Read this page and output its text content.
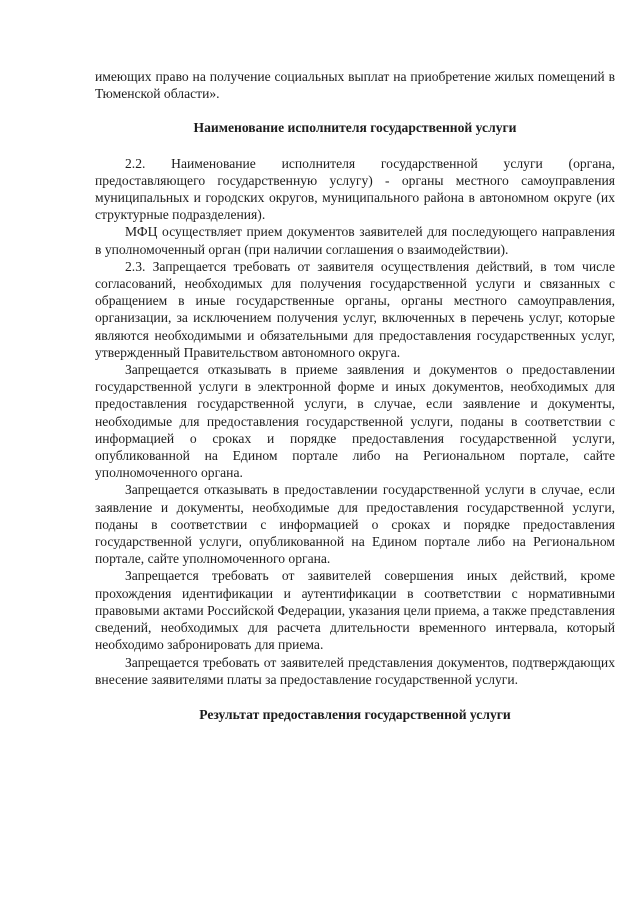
имеющих право на получение социальных выплат на приобретение жилых помещений в Тюменской области».

Наименование исполнителя государственной услуги

2.2. Наименование исполнителя государственной услуги (органа, предоставляющего государственную услугу) - органы местного самоуправления муниципальных и городских округов, муниципального района в автономном округе (их структурные подразделения).

МФЦ осуществляет прием документов заявителей для последующего направления в уполномоченный орган (при наличии соглашения о взаимодействии).

2.3. Запрещается требовать от заявителя осуществления действий, в том числе согласований, необходимых для получения государственной услуги и связанных с обращением в иные государственные органы, органы местного самоуправления, организации, за исключением получения услуг, включенных в перечень услуг, которые являются необходимыми и обязательными для предоставления государственных услуг, утвержденный Правительством автономного округа.

Запрещается отказывать в приеме заявления и документов о предоставлении государственной услуги в электронной форме и иных документов, необходимых для предоставления государственной услуги, в случае, если заявление и документы, необходимые для предоставления государственной услуги, поданы в соответствии с информацией о сроках и порядке предоставления государственной услуги, опубликованной на Едином портале либо на Региональном портале, сайте уполномоченного органа.

Запрещается отказывать в предоставлении государственной услуги в случае, если заявление и документы, необходимые для предоставления государственной услуги, поданы в соответствии с информацией о сроках и порядке предоставления государственной услуги, опубликованной на Едином портале либо на Региональном портале, сайте уполномоченного органа.

Запрещается требовать от заявителей совершения иных действий, кроме прохождения идентификации и аутентификации в соответствии с нормативными правовыми актами Российской Федерации, указания цели приема, а также представления сведений, необходимых для расчета длительности временного интервала, который необходимо забронировать для приема.

Запрещается требовать от заявителей представления документов, подтверждающих внесение заявителями платы за предоставление государственной услуги.

Результат предоставления государственной услуги
